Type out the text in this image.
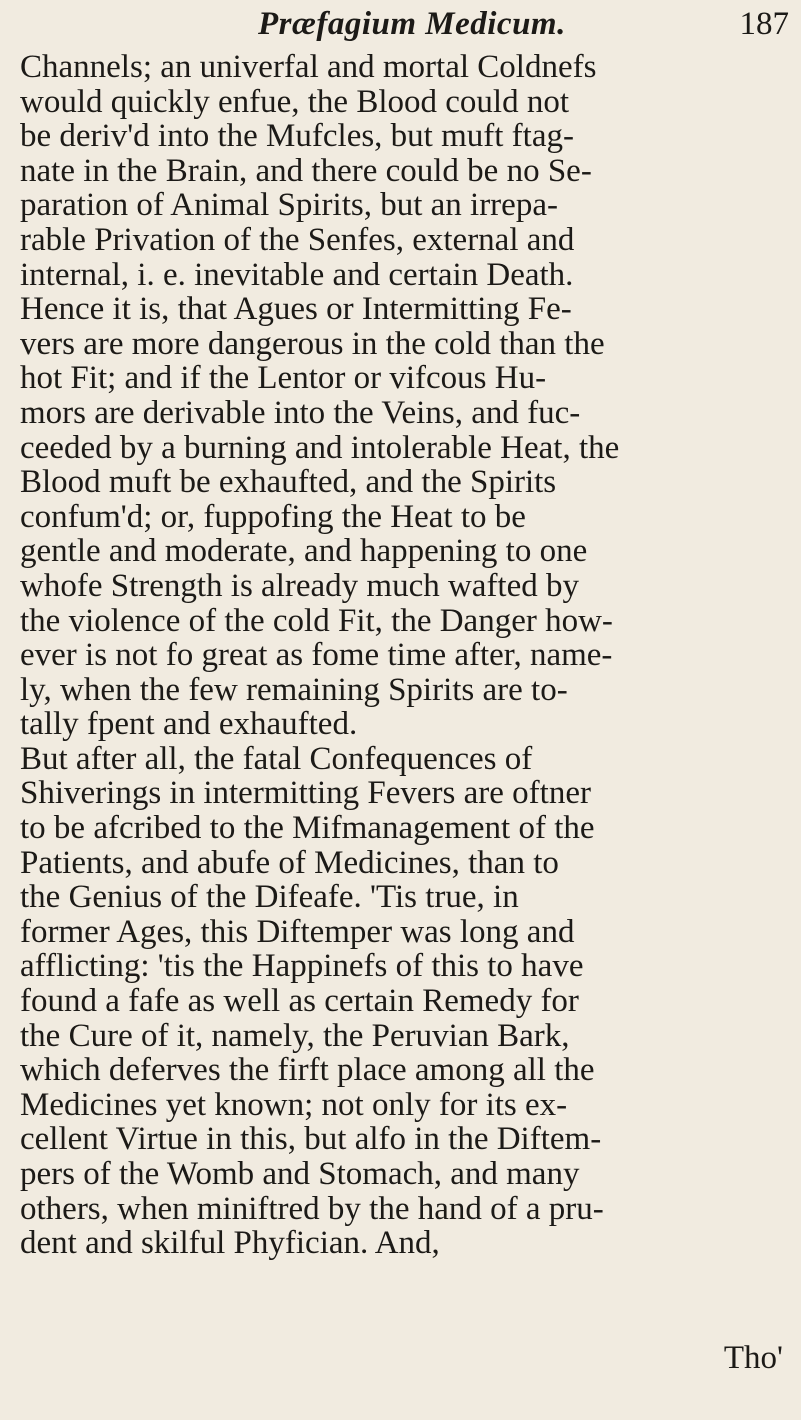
Præfagium Medicum.	187
Channels; an univerfal and mortal Coldnefs
would quickly enfue, the Blood could not
be deriv'd into the Mufcles, but muft ftag-
nate in the Brain, and there could be no Se-
paration of Animal Spirits, but an irrepa-
rable Privation of the Senfes, external and
internal, i. e. inevitable and certain Death.
Hence it is, that Agues or Intermitting Fe-
vers are more dangerous in the cold than the
hot Fit; and if the Lentor or vifcous Hu-
mors are derivable into the Veins, and fuc-
ceeded by a burning and intolerable Heat, the
Blood muft be exhaufted, and the Spirits
confum'd; or, fuppofing the Heat to be
gentle and moderate, and happening to one
whofe Strength is already much wafted by
the violence of the cold Fit, the Danger how-
ever is not fo great as fome time after, name-
ly, when the few remaining Spirits are to-
tally fpent and exhaufted.
But after all, the fatal Confequences of
Shiverings in intermitting Fevers are oftner
to be afcribed to the Mifmanagement of the
Patients, and abufe of Medicines, than to
the Genius of the Difeafe. 'Tis true, in
former Ages, this Diftemper was long and
afflicting: 'tis the Happinefs of this to have
found a fafe as well as certain Remedy for
the Cure of it, namely, the Peruvian Bark,
which deferves the firft place among all the
Medicines yet known; not only for its ex-
cellent Virtue in this, but alfo in the Diftem-
pers of the Womb and Stomach, and many
others, when miniftred by the hand of a pru-
dent and skilful Phyfician. And,
Tho'
